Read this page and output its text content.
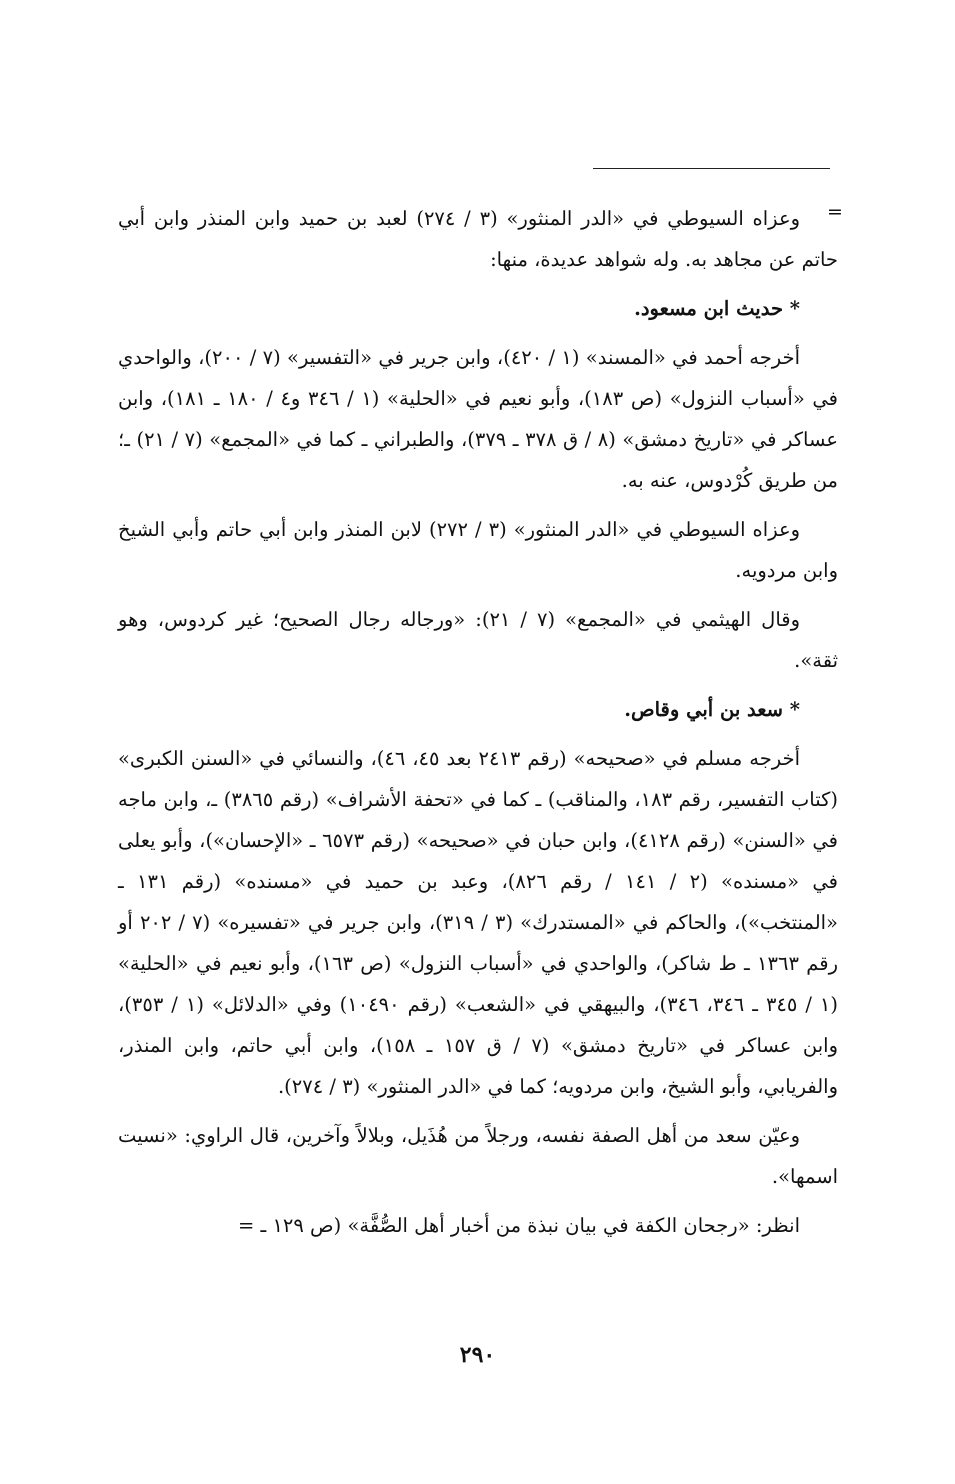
=

وعزاه السيوطي في «الدر المنثور» (٣ / ٢٧٤) لعبد بن حميد وابن المنذر وابن أبي حاتم عن مجاهد به. وله شواهد عديدة، منها:

* حديث ابن مسعود.

أخرجه أحمد في «المسند» (١ / ٤٢٠)، وابن جرير في «التفسير» (٧ / ٢٠٠)، والواحدي في «أسباب النزول» (ص ١٨٣)، وأبو نعيم في «الحلية» (١ / ٣٤٦ و٤ / ١٨٠ ـ ١٨١)، وابن عساكر في «تاريخ دمشق» (٨ / ق ٣٧٨ ـ ٣٧٩)، والطبراني ـ كما في «المجمع» (٧ / ٢١) ـ؛ من طريق كُرْدوس، عنه به.

وعزاه السيوطي في «الدر المنثور» (٣ / ٢٧٢) لابن المنذر وابن أبي حاتم وأبي الشيخ وابن مردويه.

وقال الهيثمي في «المجمع» (٧ / ٢١): «ورجاله رجال الصحيح؛ غير كردوس، وهو ثقة».

* سعد بن أبي وقاص.

أخرجه مسلم في «صحيحه» (رقم ٢٤١٣ بعد ٤٥، ٤٦)، والنسائي في «السنن الكبرى» (كتاب التفسير، رقم ١٨٣، والمناقب) ـ كما في «تحفة الأشراف» (رقم ٣٨٦٥) ـ، وابن ماجه في «السنن» (رقم ٤١٢٨)، وابن حبان في «صحيحه» (رقم ٦٥٧٣ ـ «الإحسان»)، وأبو يعلى في «مسنده» (٢ / ١٤١ / رقم ٨٢٦)، وعبد بن حميد في «مسنده» (رقم ١٣١ ـ «المنتخب»)، والحاكم في «المستدرك» (٣ / ٣١٩)، وابن جرير في «تفسيره» (٧ / ٢٠٢ أو رقم ١٣٦٣ ـ ط شاكر)، والواحدي في «أسباب النزول» (ص ١٦٣)، وأبو نعيم في «الحلية» (١ / ٣٤٥ ـ ٣٤٦، ٣٤٦)، والبيهقي في «الشعب» (رقم ١٠٤٩٠) وفي «الدلائل» (١ / ٣٥٣)، وابن عساكر في «تاريخ دمشق» (٧ / ق ١٥٧ ـ ١٥٨)، وابن أبي حاتم، وابن المنذر، والفريابي، وأبو الشيخ، وابن مردويه؛ كما في «الدر المنثور» (٣ / ٢٧٤).

وعيّن سعد من أهل الصفة نفسه، ورجلاً من هُذَيل، وبلالاً وآخرين، قال الراوي: «نسيت اسمها».

انظر: «رجحان الكفة في بيان نبذة من أخبار أهل الصُّفَّة» (ص ١٢٩ ـ =

٢٩٠
